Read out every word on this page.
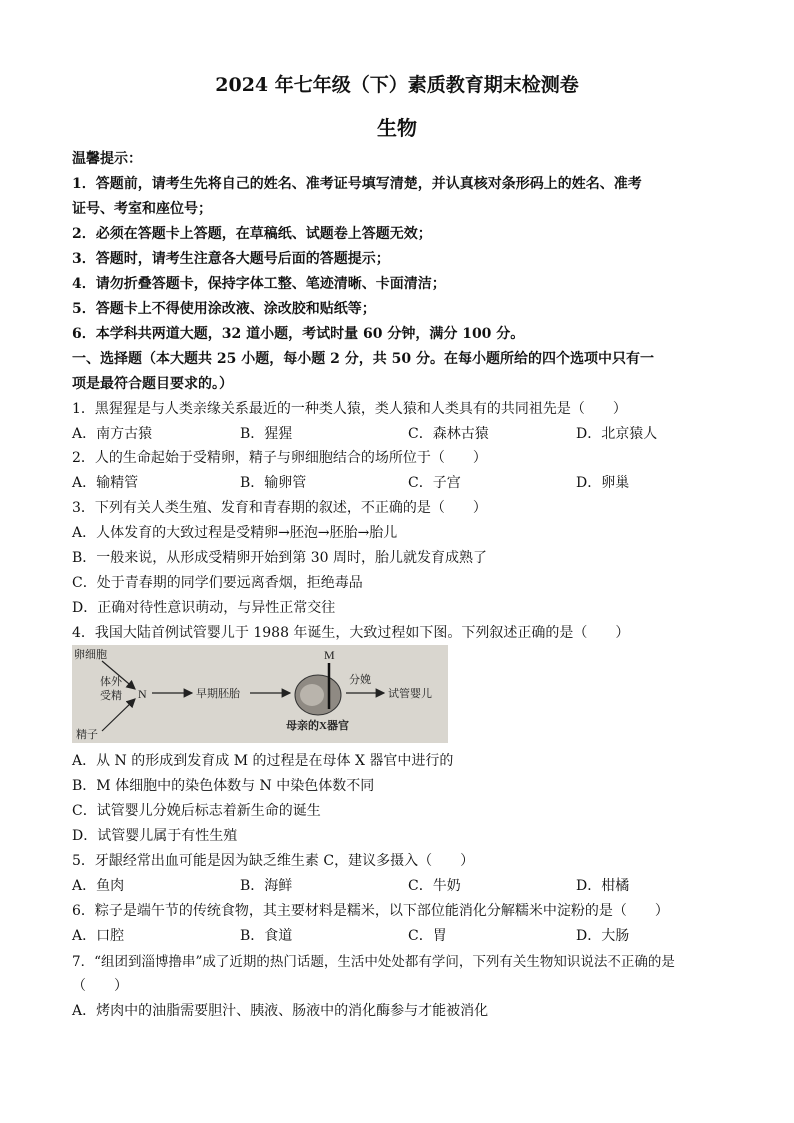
2024 年七年级（下）素质教育期末检测卷
生物
温馨提示：
1．答题前，请考生先将自己的姓名、准考证号填写清楚，并认真核对条形码上的姓名、准考
证号、考室和座位号；
2．必须在答题卡上答题，在草稿纸、试题卷上答题无效；
3．答题时，请考生注意各大题号后面的答题提示；
4．请勿折叠答题卡，保持字体工整、笔迹清晰、卡面清洁；
5．答题卡上不得使用涂改液、涂改胶和贴纸等；
6．本学科共两道大题，32 道小题，考试时量 60 分钟，满分 100 分。
一、选择题（本大题共 25 小题，每小题 2 分，共 50 分。在每小题所给的四个选项中只有一
项是最符合题目要求的。）
1．黑猩猩是与人类亲缘关系最近的一种类人猿，类人猿和人类具有的共同祖先是（　　）
A．南方古猿	B．猩猩	C．森林古猿	D．北京猿人
2．人的生命起始于受精卵，精子与卵细胞结合的场所位于（　　）
A．输精管	B．输卵管	C．子宫	D．卵巢
3．下列有关人类生殖、发育和青春期的叙述，不正确的是（　　）
A．人体发育的大致过程是受精卵→胚泡→胚胎→胎儿
B．一般来说，从形成受精卵开始到第 30 周时，胎儿就发育成熟了
C．处于青春期的同学们要远离香烟，拒绝毒品
D．正确对待性意识萌动，与异性正常交往
4．我国大陆首例试管婴儿于 1988 年诞生，大致过程如下图。下列叙述正确的是（　　）
卵细胞
体外
受精
精子
N	早期胚胎
M
分娩
试管婴儿
母亲的X器官
A．从 N 的形成到发育成 M 的过程是在母体 X 器官中进行的
B．M 体细胞中的染色体数与 N 中染色体数不同
C．试管婴儿分娩后标志着新生命的诞生
D．试管婴儿属于有性生殖
5．牙龈经常出血可能是因为缺乏维生素 C，建议多摄入（　　）
A．鱼肉	B．海鲜	C．牛奶	D．柑橘
6．粽子是端午节的传统食物，其主要材料是糯米，以下部位能消化分解糯米中淀粉的是（　　）
A．口腔	B．食道	C．胃	D．大肠
7．“组团到淄博撸串”成了近期的热门话题，生活中处处都有学问，下列有关生物知识说法不正确的是
（　　）
A．烤肉中的油脂需要胆汁、胰液、肠液中的消化酶参与才能被消化
